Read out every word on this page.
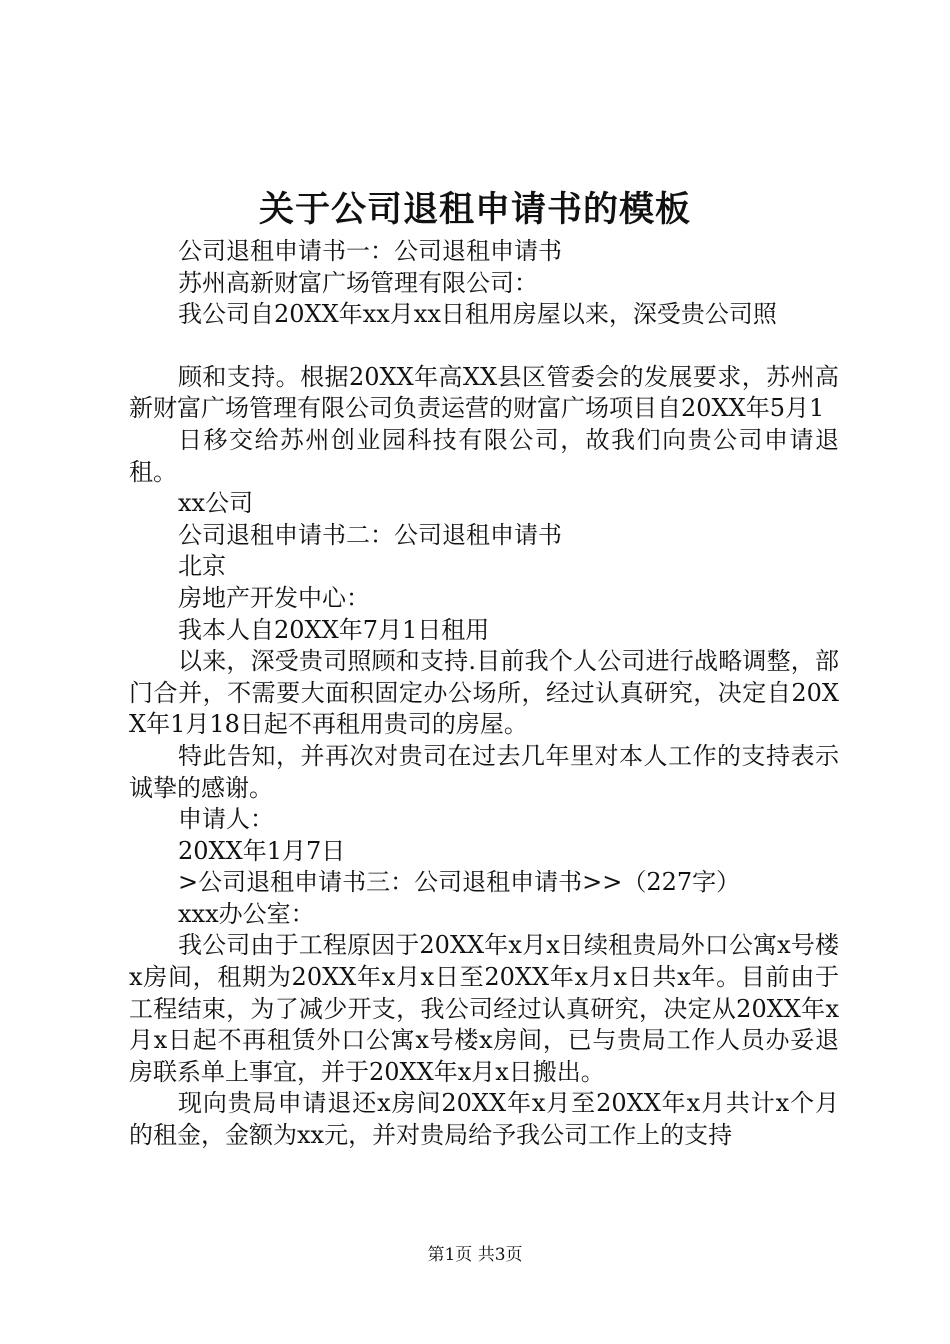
关于公司退租申请书的模板

公司退租申请书一：公司退租申请书

苏州高新财富广场管理有限公司：

我公司自20XX年xx月xx日租用房屋以来，深受贵公司照

顾和支持。根据20XX年高XX县区管委会的发展要求，苏州高新财富广场管理有限公司负责运营的财富广场项目自20XX年5月1

日移交给苏州创业园科技有限公司，故我们向贵公司申请退租。

xx公司

公司退租申请书二：公司退租申请书

北京

房地产开发中心：

我本人自20XX年7月1日租用

以来，深受贵司照顾和支持.目前我个人公司进行战略调整，部门合并，不需要大面积固定办公场所，经过认真研究，决定自20XX年1月18日起不再租用贵司的房屋。

特此告知，并再次对贵司在过去几年里对本人工作的支持表示诚挚的感谢。

申请人：

20XX年1月7日

>公司退租申请书三：公司退租申请书>>（227字）

xxx办公室：

我公司由于工程原因于20XX年x月x日续租贵局外口公寓x号楼x房间，租期为20XX年x月x日至20XX年x月x日共x年。目前由于工程结束，为了减少开支，我公司经过认真研究，决定从20XX年x月x日起不再租赁外口公寓x号楼x房间，已与贵局工作人员办妥退房联系单上事宜，并于20XX年x月x日搬出。

现向贵局申请退还x房间20XX年x月至20XX年x月共计x个月的租金，金额为xx元，并对贵局给予我公司工作上的支持

第1页 共3页
